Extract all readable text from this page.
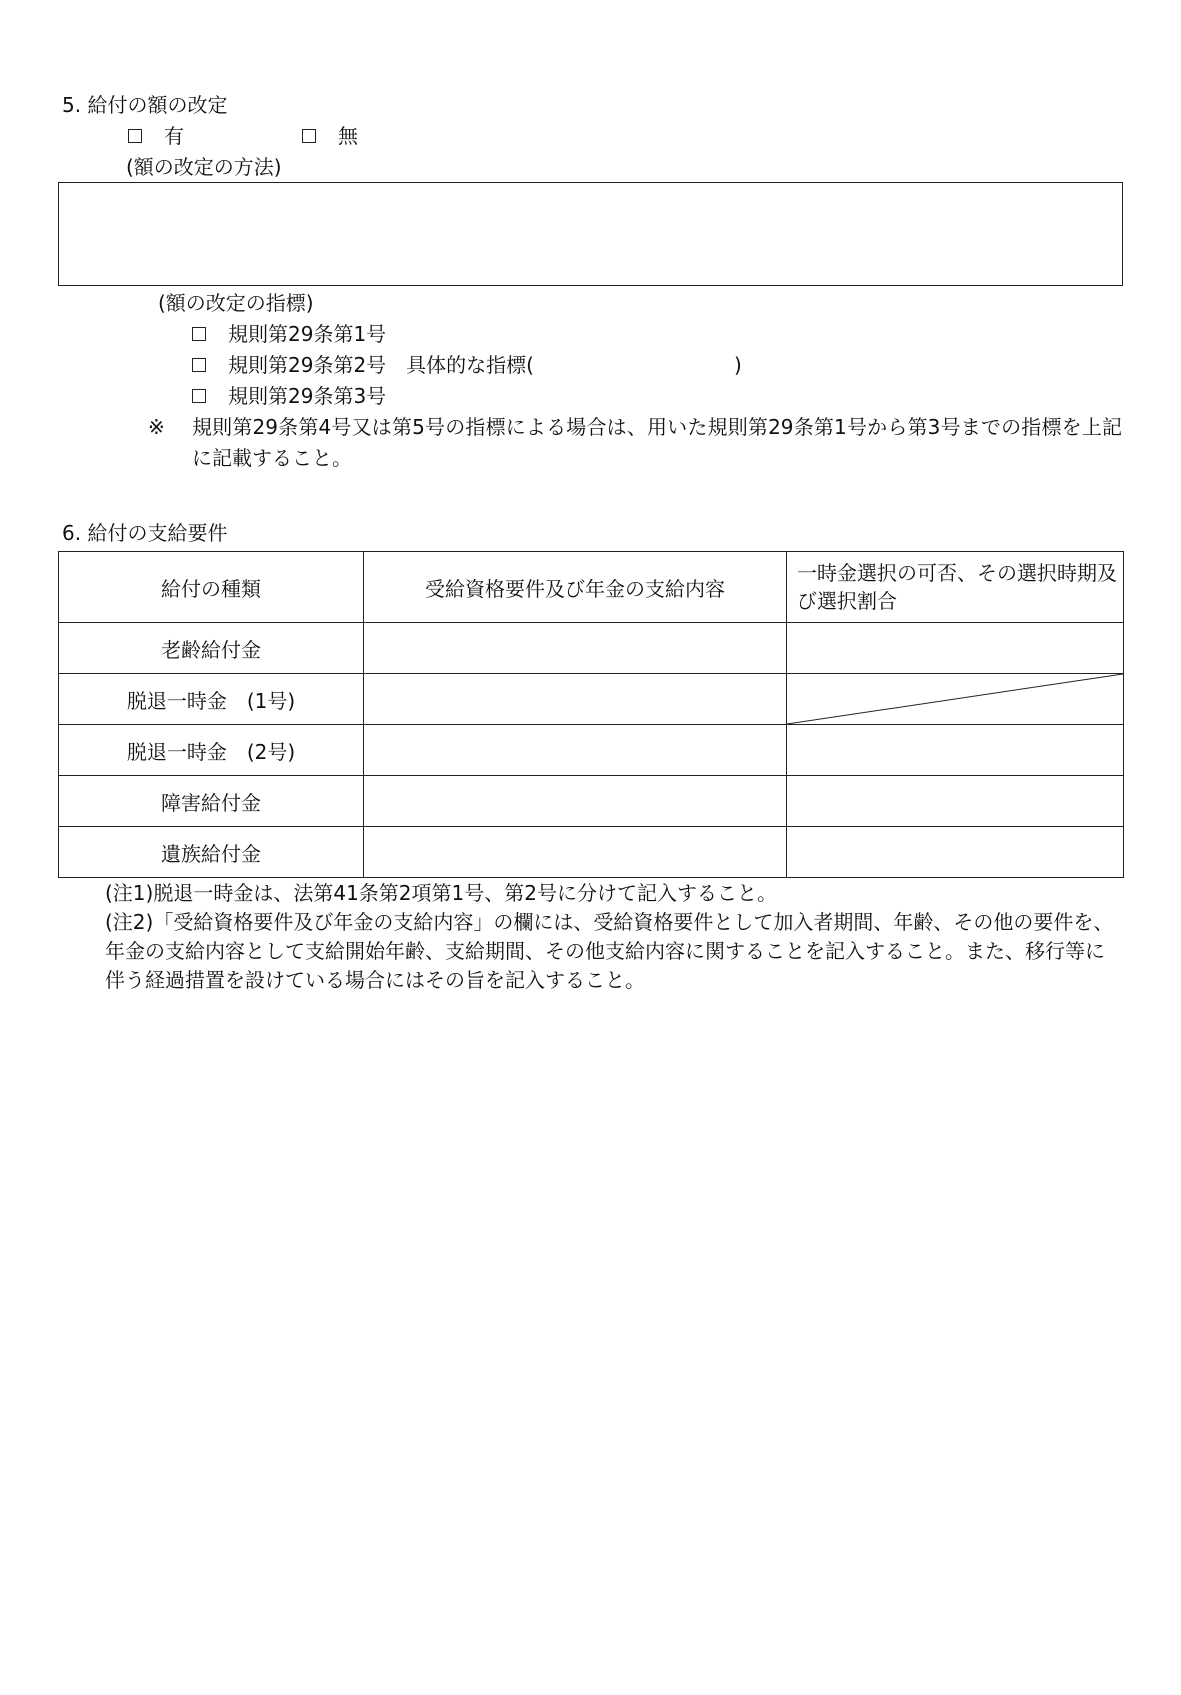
5. 給付の額の改定
有	無
(額の改定の方法)
(額の改定の指標)
規則第29条第1号
規則第29条第2号　具体的な指標(　　　　　　　　　　)
規則第29条第3号
※ 規則第29条第4号又は第5号の指標による場合は、用いた規則第29条第1号から第3号までの指標を上記に記載すること。
6. 給付の支給要件
給付の種類	受給資格要件及び年金の支給内容	一時金選択の可否、その選択時期及び選択割合
老齢給付金		
脱退一時金　(1号)		

脱退一時金　(2号)		
障害給付金		
遺族給付金		
(注1)脱退一時金は、法第41条第2項第1号、第2号に分けて記入すること。
(注2)「受給資格要件及び年金の支給内容」の欄には、受給資格要件として加入者期間、年齢、その他の要件を、年金の支給内容として支給開始年齢、支給期間、その他支給内容に関することを記入すること。また、移行等に伴う経過措置を設けている場合にはその旨を記入すること。
